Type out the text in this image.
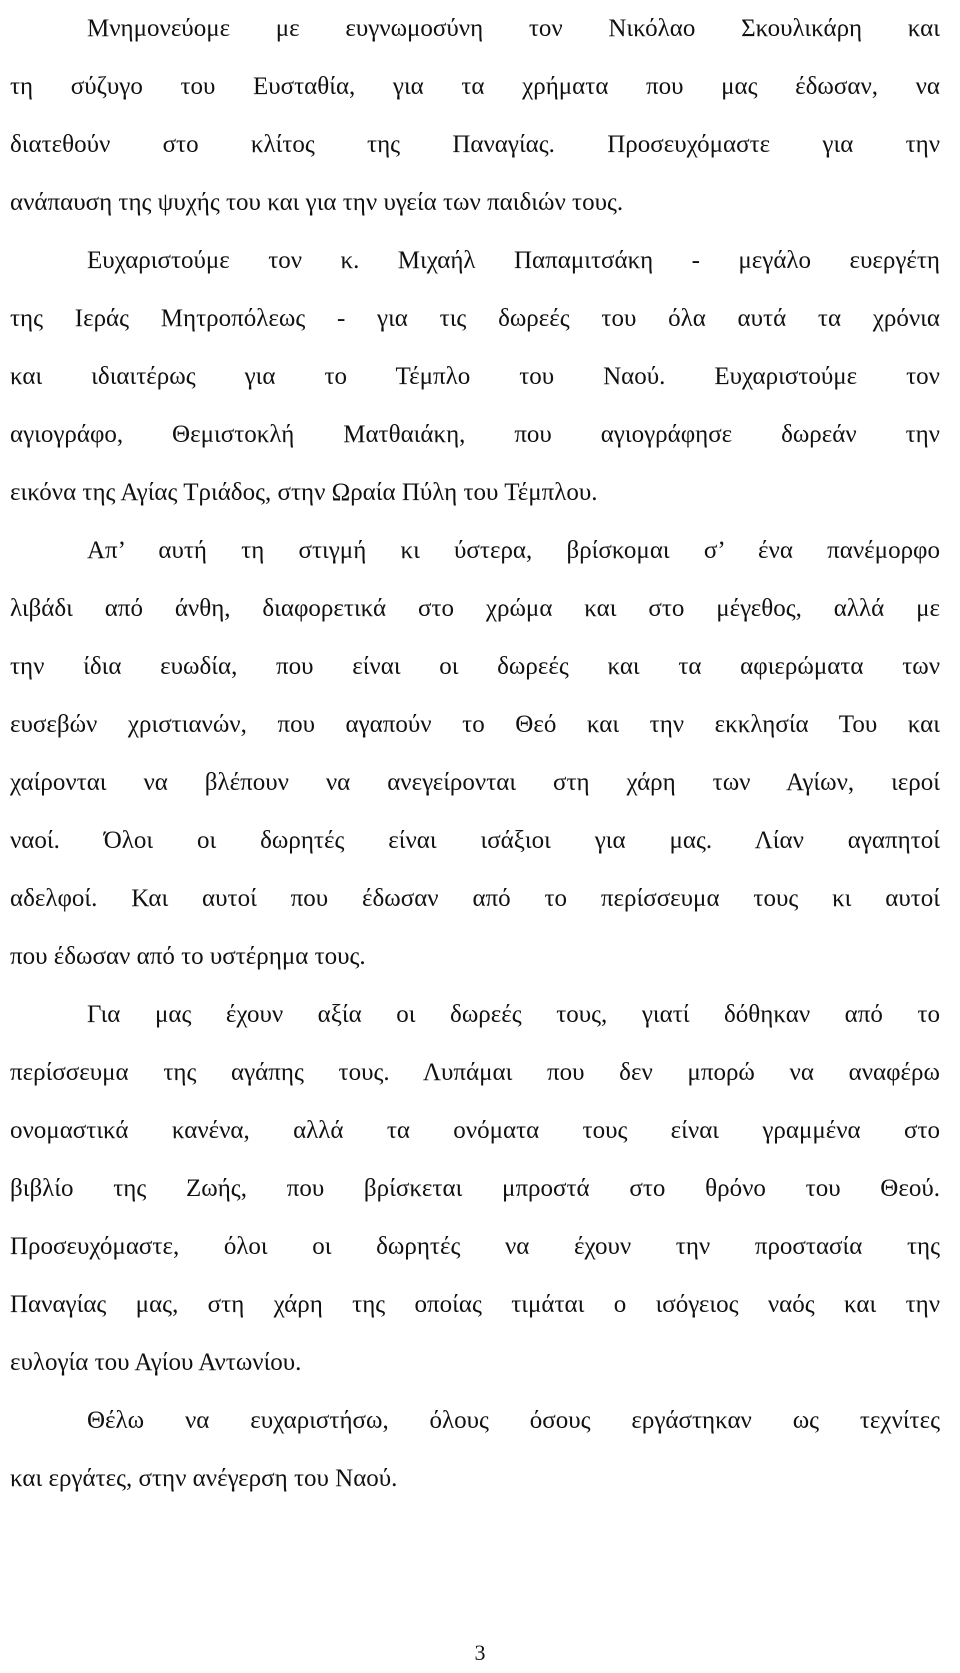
Μνημονεύομε με ευγνωμοσύνη τον Νικόλαο Σκουλικάρη και
τη σύζυγο του Ευσταθία, για τα χρήματα που μας έδωσαν, να
διατεθούν στο κλίτος της Παναγίας. Προσευχόμαστε για την
ανάπαυση της ψυχής του και για την υγεία των παιδιών τους.
Ευχαριστούμε τον κ. Μιχαήλ Παπαμιτσάκη - μεγάλο ευεργέτη
της Ιεράς Μητροπόλεως - για τις δωρεές του όλα αυτά τα χρόνια
και ιδιαιτέρως για το Τέμπλο του Ναού. Ευχαριστούμε τον
αγιογράφο, Θεμιστοκλή Ματθαιάκη, που αγιογράφησε δωρεάν την
εικόνα της Αγίας Τριάδος, στην Ωραία Πύλη του Τέμπλου.
Απ’ αυτή τη στιγμή κι ύστερα, βρίσκομαι σ’ ένα πανέμορφο
λιβάδι από άνθη, διαφορετικά στο χρώμα και στο μέγεθος, αλλά με
την ίδια ευωδία, που είναι οι δωρεές και τα αφιερώματα των
ευσεβών χριστιανών, που αγαπούν το Θεό και την εκκλησία Του και
χαίρονται να βλέπουν να ανεγείρονται στη χάρη των Αγίων, ιεροί
ναοί. Όλοι οι δωρητές είναι ισάξιοι για μας. Λίαν αγαπητοί
αδελφοί. Και αυτοί που έδωσαν από το περίσσευμα τους κι αυτοί
που έδωσαν από το υστέρημα τους.
Για μας έχουν αξία οι δωρεές τους, γιατί δόθηκαν από το
περίσσευμα της αγάπης τους. Λυπάμαι που δεν μπορώ να αναφέρω
ονομαστικά κανένα, αλλά τα ονόματα τους είναι γραμμένα στο
βιβλίο της Ζωής, που βρίσκεται μπροστά στο θρόνο του Θεού.
Προσευχόμαστε, όλοι οι δωρητές να έχουν την προστασία της
Παναγίας μας, στη χάρη της οποίας τιμάται ο ισόγειος ναός και την
ευλογία του Αγίου Αντωνίου.
Θέλω να ευχαριστήσω, όλους όσους εργάστηκαν ως τεχνίτες
και εργάτες, στην ανέγερση του Ναού.
3
